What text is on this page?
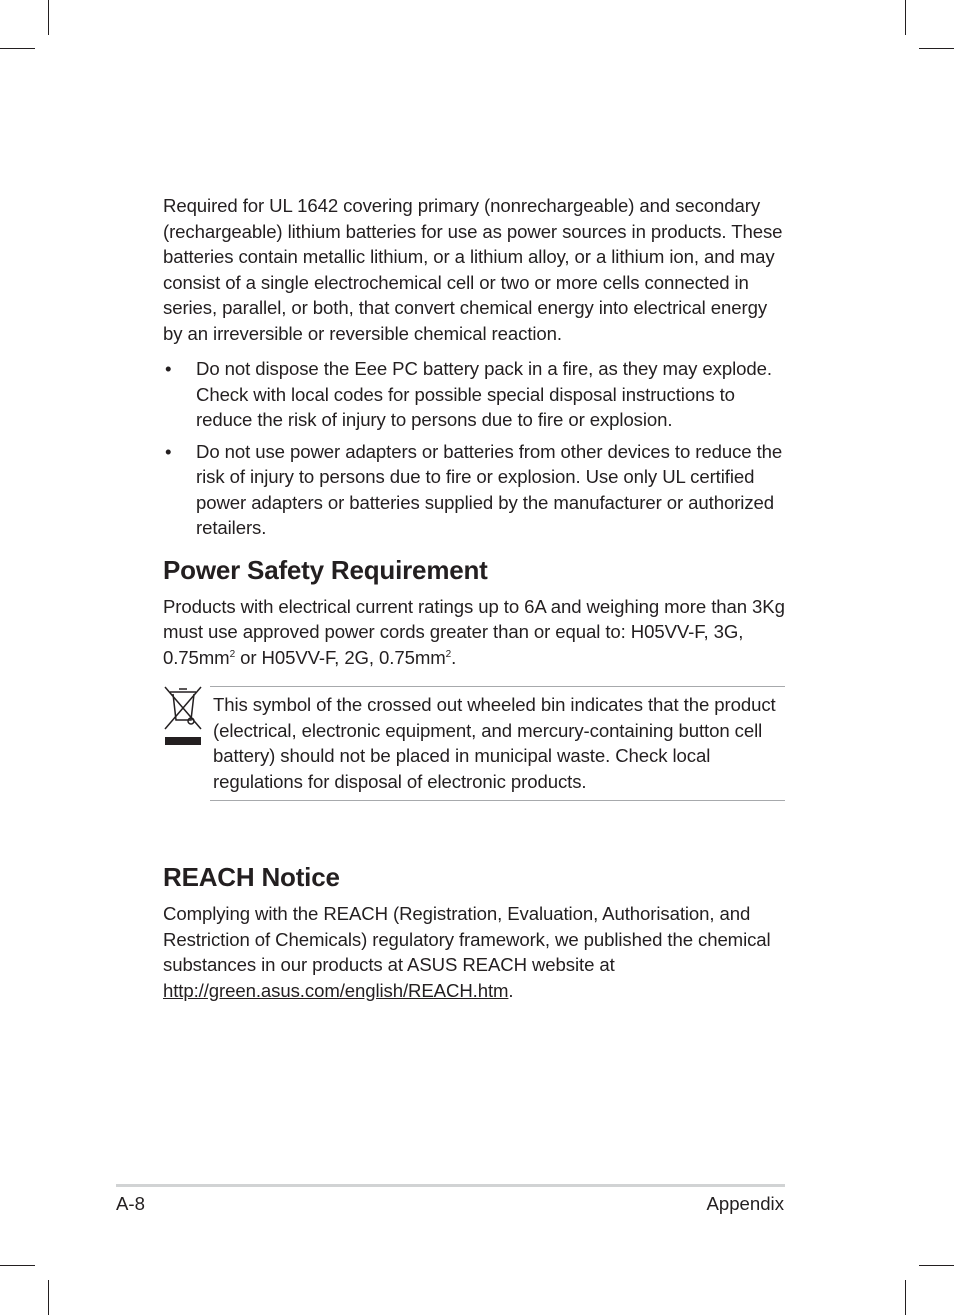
Required for UL 1642 covering primary (nonrechargeable) and secondary (rechargeable) lithium batteries for use as power sources in products. These batteries contain metallic lithium, or a lithium alloy, or a lithium ion, and may consist of a single electrochemical cell or two or more cells connected in series, parallel, or both, that convert chemical energy into electrical energy by an irreversible or reversible chemical reaction.

• Do not dispose the Eee PC battery pack in a fire, as they may explode. Check with local codes for possible special disposal instructions to reduce the risk of injury to persons due to fire or explosion.
• Do not use power adapters or batteries from other devices to reduce the risk of injury to persons due to fire or explosion. Use only UL certified power adapters or batteries supplied by the manufacturer or authorized retailers.
Power Safety Requirement

Products with electrical current ratings up to 6A and weighing more than 3Kg must use approved power cords greater than or equal to: H05VV-F, 3G, $0.75mm^2$ or H05VV-F, 2G, $0.75mm^2$.

This symbol of the crossed out wheeled bin indicates that the product (electrical, electronic equipment, and mercury-containing button cell battery) should not be placed in municipal waste. Check local regulations for disposal of electronic products.
REACH Notice

Complying with the REACH (Registration, Evaluation, Authorisation, and Restriction of Chemicals) regulatory framework, we published the chemical substances in our products at ASUS REACH website at http://green.asus.com/english/REACH.htm.

A-8	Appendix
